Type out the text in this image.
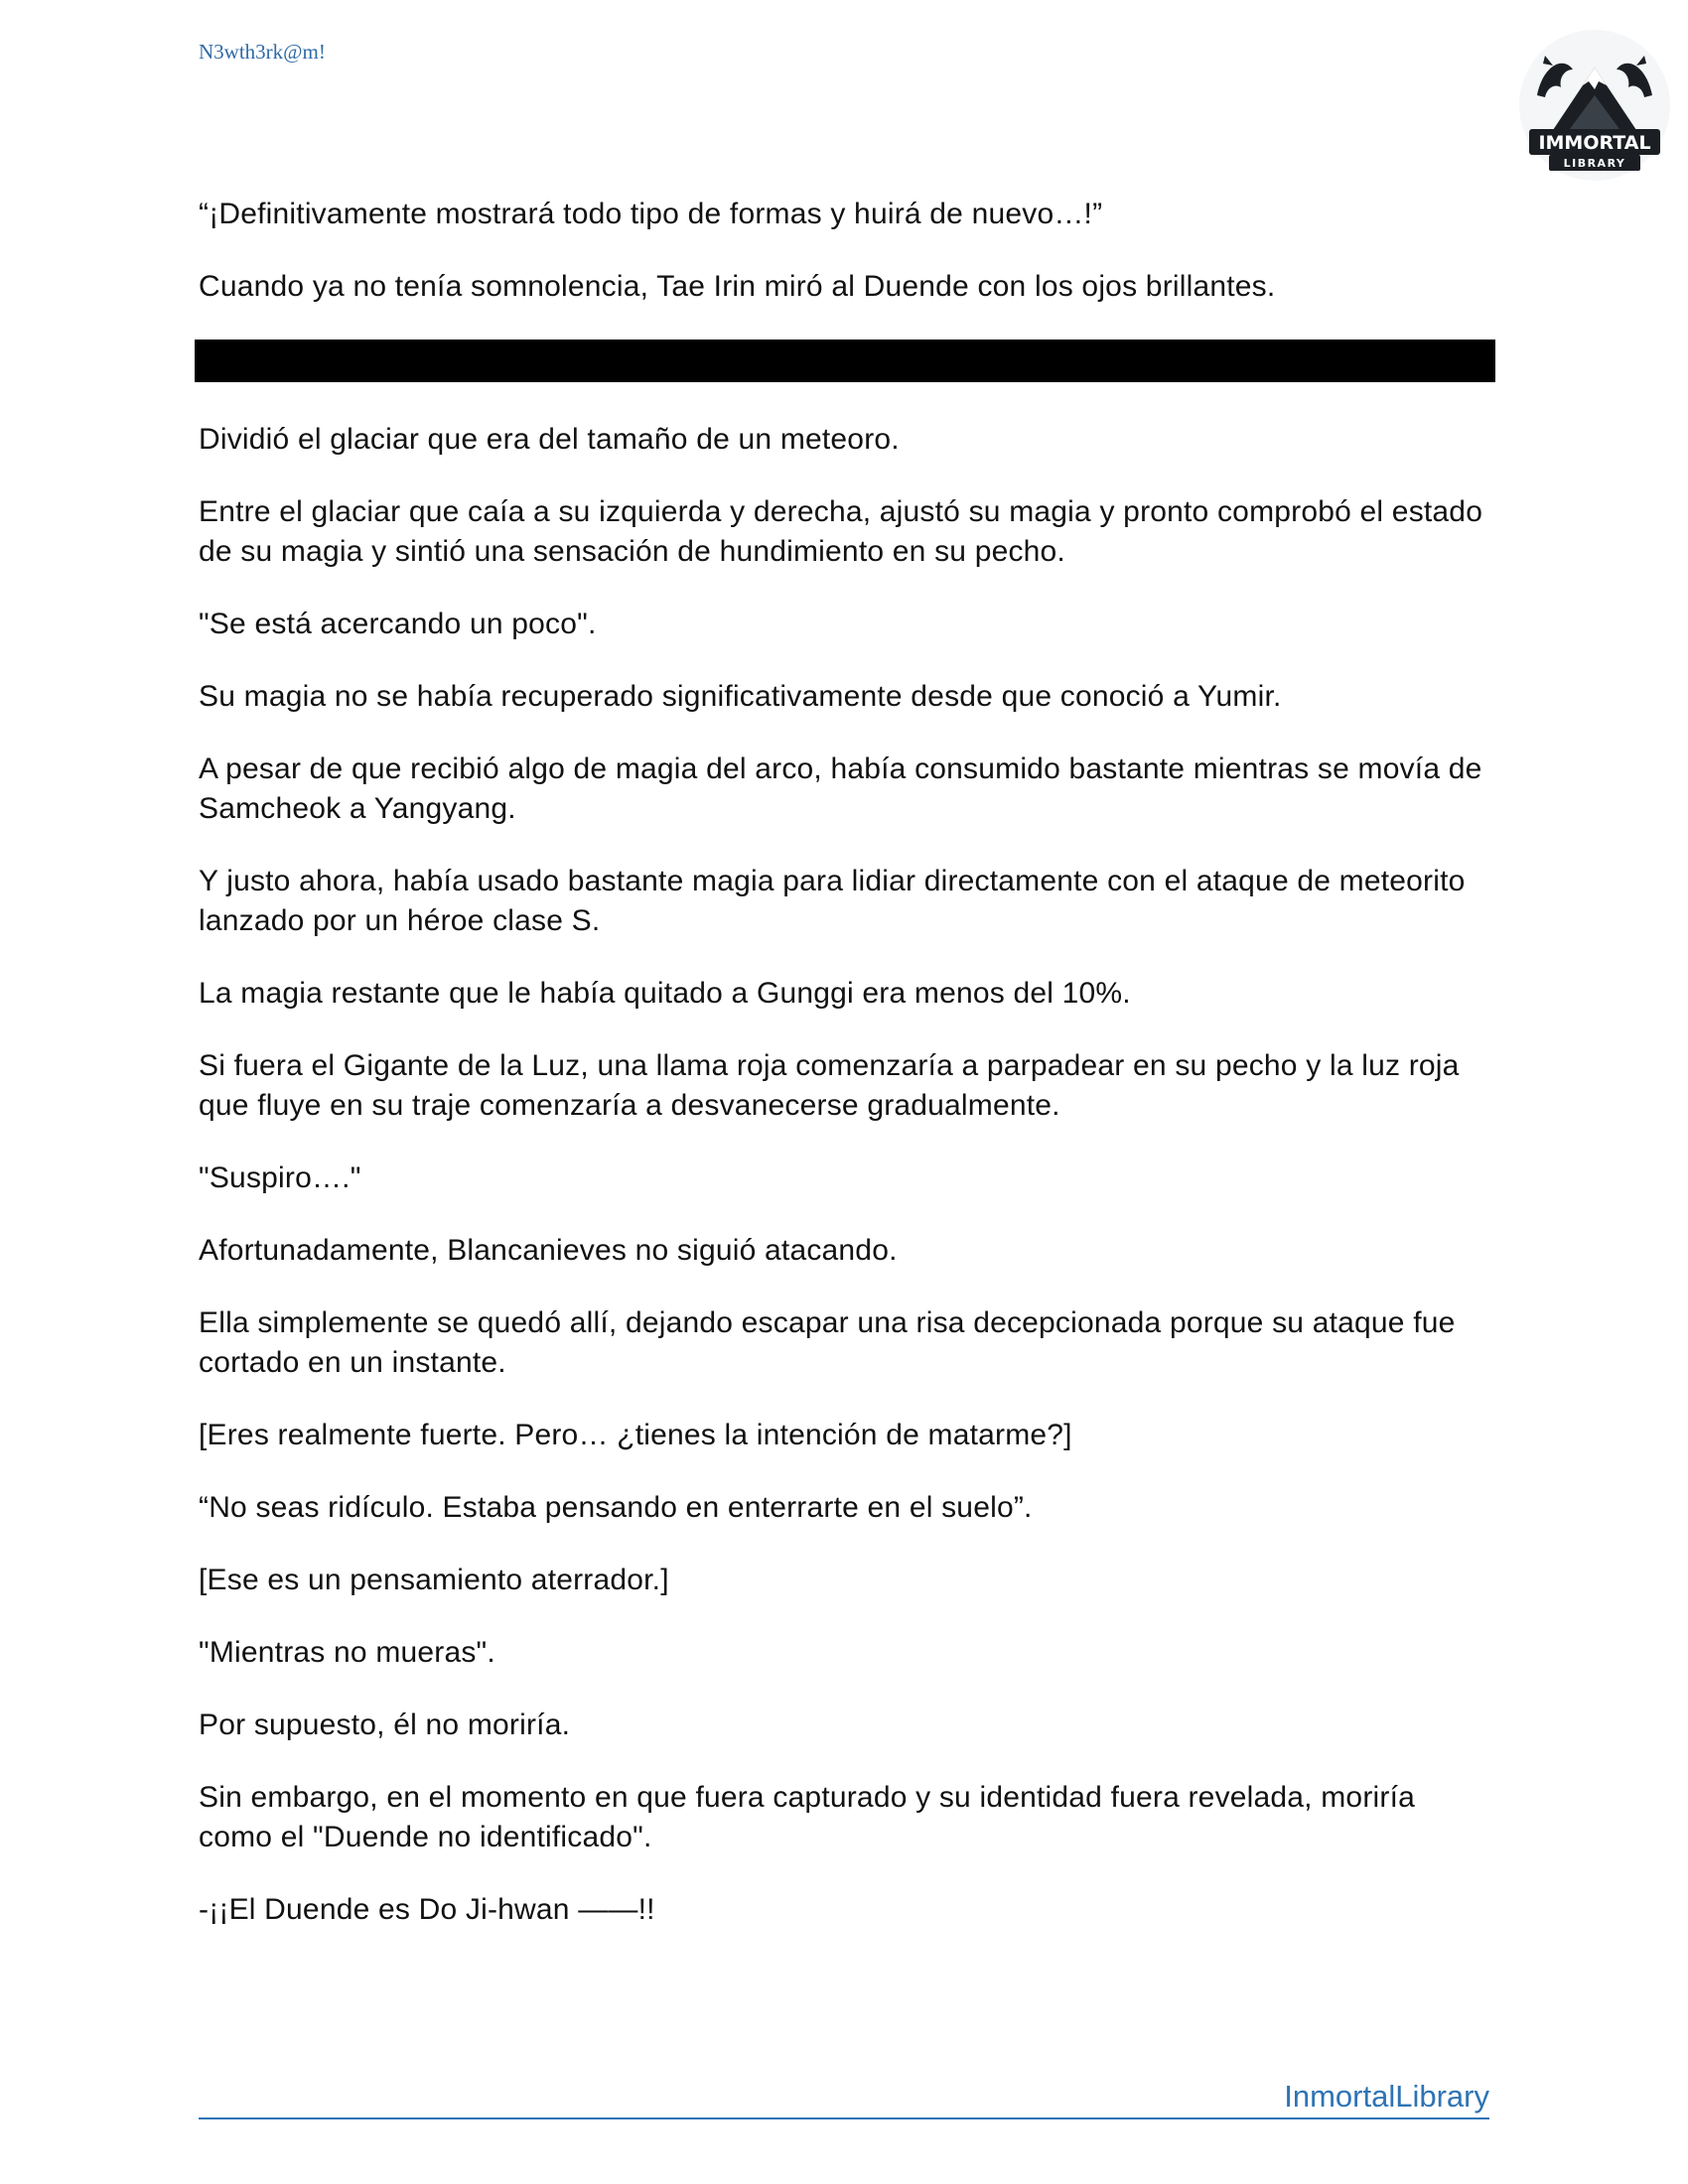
N3wth3rk@m!
IMMORTAL
LIBRARY

“¡Definitivamente mostrará todo tipo de formas y huirá de nuevo…!”

Cuando ya no tenía somnolencia, Tae Irin miró al Duende con los ojos brillantes.

Dividió el glaciar que era del tamaño de un meteoro.

Entre el glaciar que caía a su izquierda y derecha, ajustó su magia y pronto comprobó el estado de su magia y sintió una sensación de hundimiento en su pecho.

"Se está acercando un poco".

Su magia no se había recuperado significativamente desde que conoció a Yumir.

A pesar de que recibió algo de magia del arco, había consumido bastante mientras se movía de Samcheok a Yangyang.

Y justo ahora, había usado bastante magia para lidiar directamente con el ataque de meteorito lanzado por un héroe clase S.

La magia restante que le había quitado a Gunggi era menos del 10%.

Si fuera el Gigante de la Luz, una llama roja comenzaría a parpadear en su pecho y la luz roja que fluye en su traje comenzaría a desvanecerse gradualmente.

"Suspiro…."

Afortunadamente, Blancanieves no siguió atacando.

Ella simplemente se quedó allí, dejando escapar una risa decepcionada porque su ataque fue cortado en un instante.

[Eres realmente fuerte. Pero… ¿tienes la intención de matarme?]

“No seas ridículo. Estaba pensando en enterrarte en el suelo”.

[Ese es un pensamiento aterrador.]

"Mientras no mueras".

Por supuesto, él no moriría.

Sin embargo, en el momento en que fuera capturado y su identidad fuera revelada, moriría como el "Duende no identificado".

-¡¡El Duende es Do Ji-hwan ——!!

InmortalLibrary
